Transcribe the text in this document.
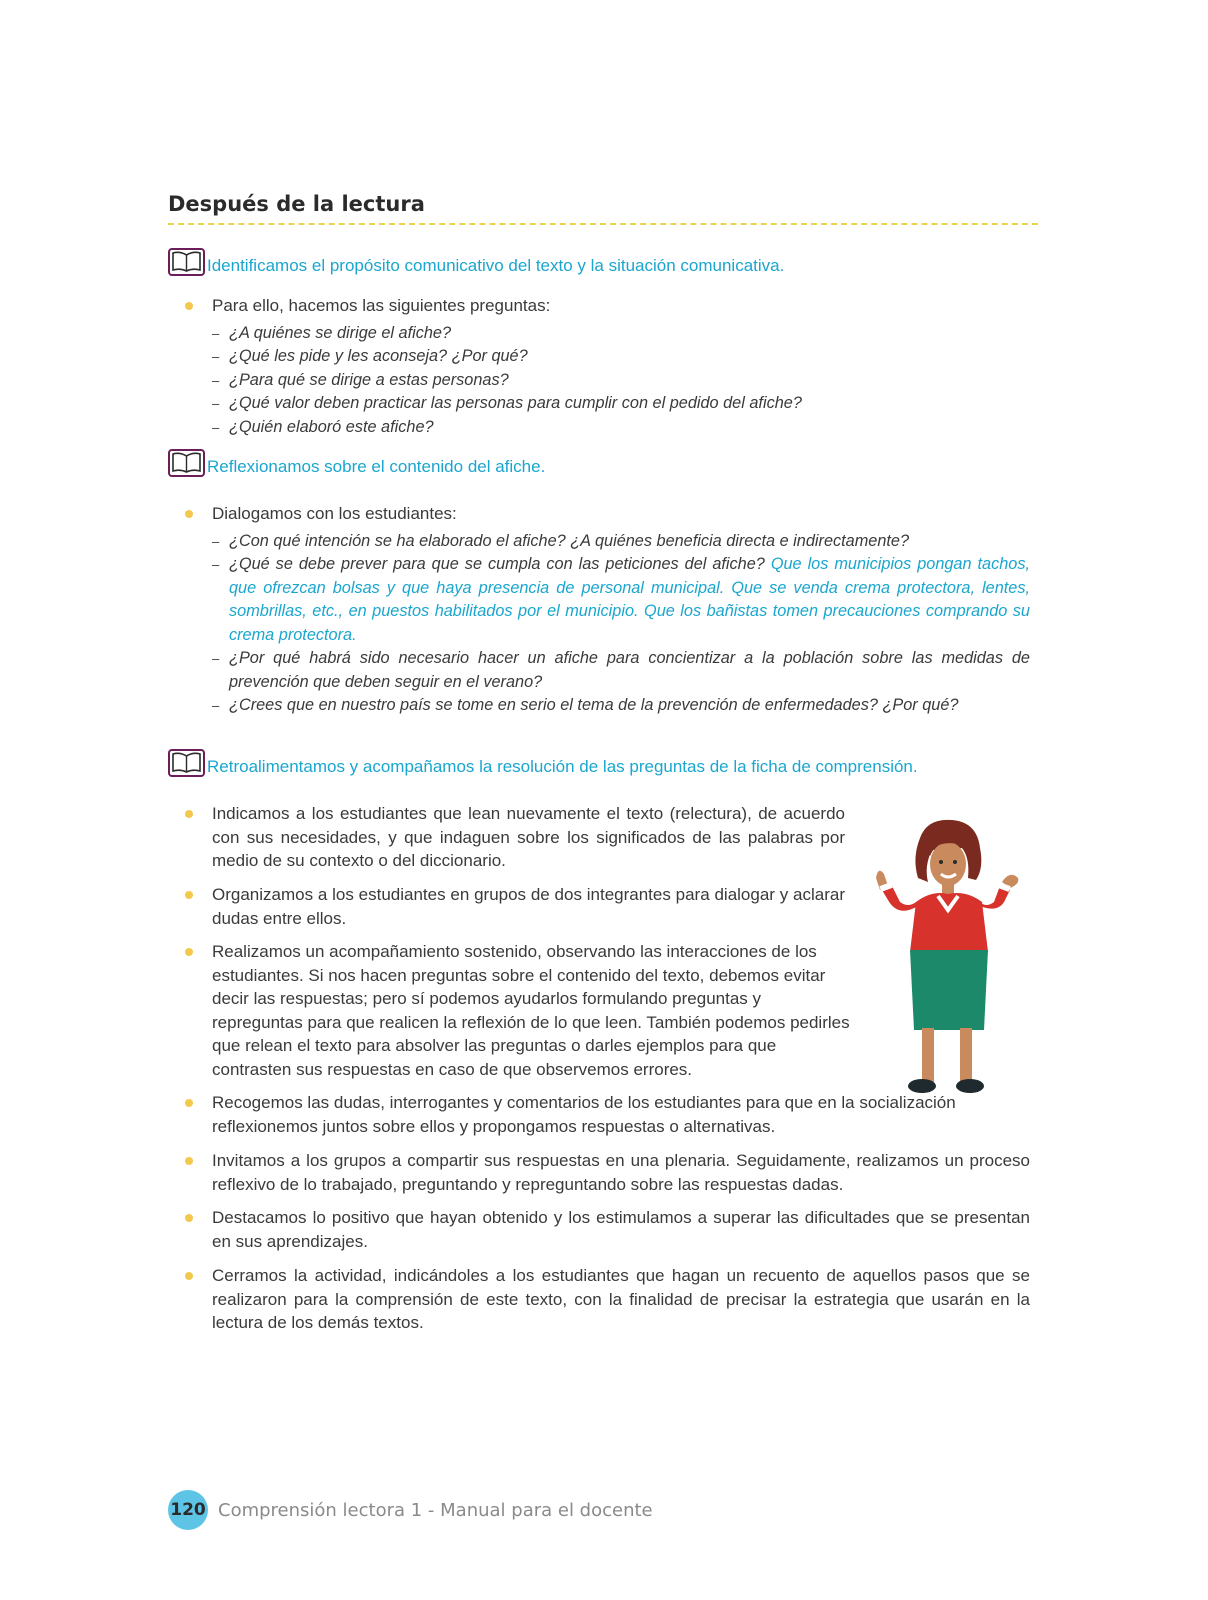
Después de la lectura
Identificamos el propósito comunicativo del texto y la situación comunicativa.
Para ello, hacemos las siguientes preguntas:
– ¿A quiénes se dirige el afiche?
– ¿Qué les pide y les aconseja? ¿Por qué?
– ¿Para qué se dirige a estas personas?
– ¿Qué valor deben practicar las personas para cumplir con el pedido del afiche?
– ¿Quién elaboró este afiche?
Reflexionamos sobre el contenido del afiche.
Dialogamos con los estudiantes:
– ¿Con qué intención se ha elaborado el afiche? ¿A quiénes beneficia directa e indirectamente?
– ¿Qué se debe prever para que se cumpla con las peticiones del afiche? Que los municipios pongan tachos, que ofrezcan bolsas y que haya presencia de personal municipal. Que se venda crema protectora, lentes, sombrillas, etc., en puestos habilitados por el municipio. Que los bañistas tomen precauciones comprando su crema protectora.
– ¿Por qué habrá sido necesario hacer un afiche para concientizar a la población sobre las medidas de prevención que deben seguir en el verano?
– ¿Crees que en nuestro país se tome en serio el tema de la prevención de enfermedades? ¿Por qué?
Retroalimentamos y acompañamos la resolución de las preguntas de la ficha de comprensión.
Indicamos a los estudiantes que lean nuevamente el texto (relectura), de acuerdo con sus necesidades, y que indaguen sobre los significados de las palabras por medio de su contexto o del diccionario.
Organizamos a los estudiantes en grupos de dos integrantes para dialogar y aclarar dudas entre ellos.
Realizamos un acompañamiento sostenido, observando las interacciones de los estudiantes. Si nos hacen preguntas sobre el contenido del texto, debemos evitar decir las respuestas; pero sí podemos ayudarlos formulando preguntas y repreguntas para que realicen la reflexión de lo que leen. También podemos pedirles que relean el texto para absolver las preguntas o darles ejemplos para que contrasten sus respuestas en caso de que observemos errores.
Recogemos las dudas, interrogantes y comentarios de los estudiantes para que en la socialización reflexionemos juntos sobre ellos y propongamos respuestas o alternativas.
Invitamos a los grupos a compartir sus respuestas en una plenaria. Seguidamente, realizamos un proceso reflexivo de lo trabajado, preguntando y repreguntando sobre las respuestas dadas.
Destacamos lo positivo que hayan obtenido y los estimulamos a superar las dificultades que se presentan en sus aprendizajes.
Cerramos la actividad, indicándoles a los estudiantes que hagan un recuento de aquellos pasos que se realizaron para la comprensión de este texto, con la finalidad de precisar la estrategia que usarán en la lectura de los demás textos.
120 Comprensión lectora 1 - Manual para el docente
